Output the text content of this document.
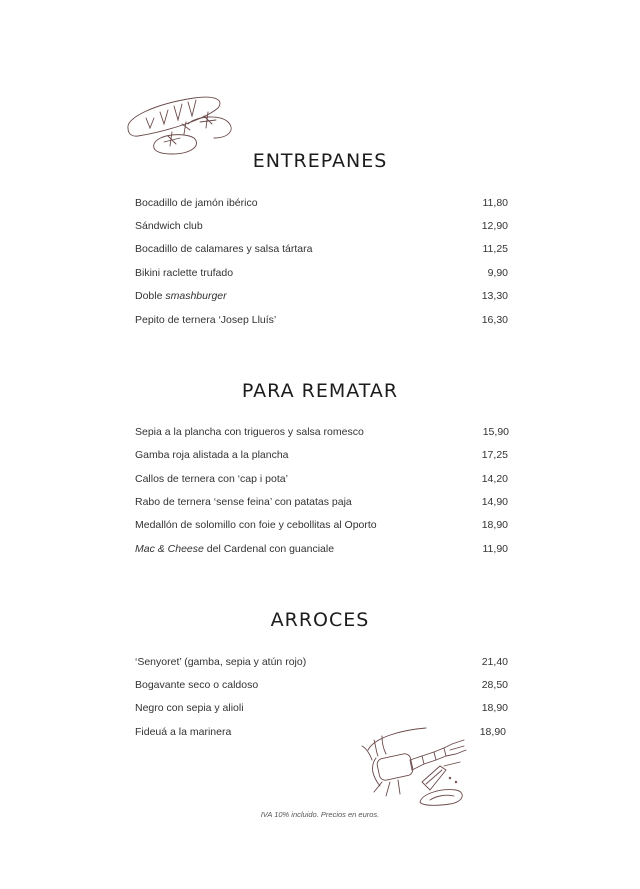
ENTREPANES
Bocadillo de jamón ibérico	11,80
Sándwich club	12,90
Bocadillo de calamares y salsa tártara	11,25
Bikini raclette trufado	9,90
Doble smashburger	13,30
Pepito de ternera ‘Josep Lluís’	16,30
PARA REMATAR
Sepia a la plancha con trigueros y salsa romesco	15,90
Gamba roja alistada a la plancha	17,25
Callos de ternera con ‘cap i pota’	14,20
Rabo de ternera ‘sense feina’ con patatas paja	14,90
Medallón de solomillo con foie y cebollitas al Oporto	18,90
Mac & Cheese del Cardenal con guanciale	11,90
ARROCES
‘Senyoret’ (gamba, sepia y atún rojo)	21,40
Bogavante seco o caldoso	28,50
Negro con sepia y alioli	18,90
Fideuá a la marinera	18,90
IVA 10% incluido. Precios en euros.
